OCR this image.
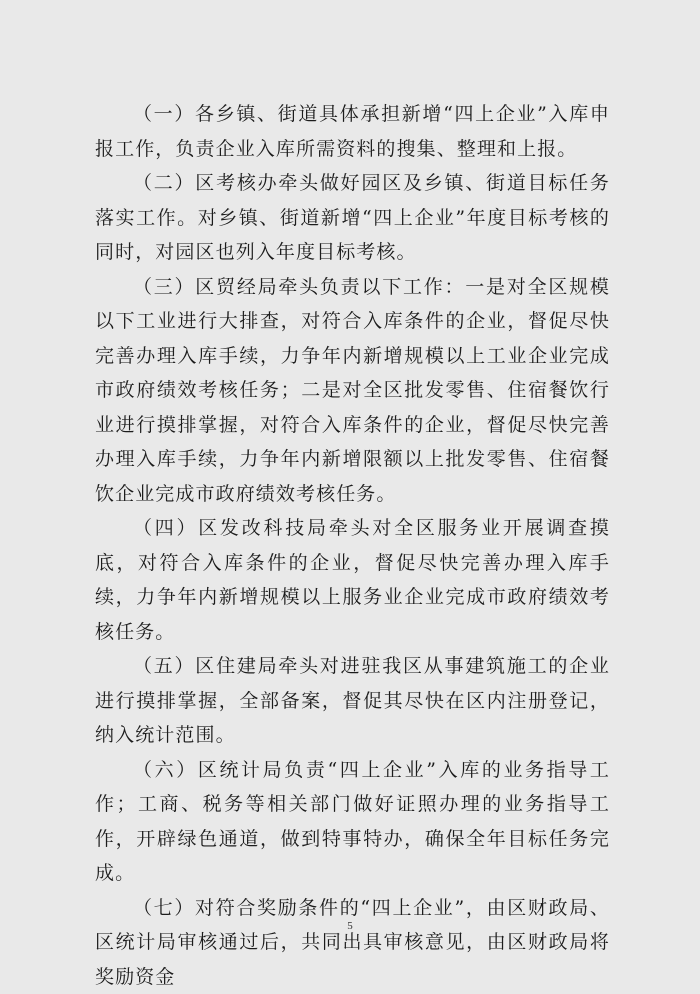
（一）各乡镇、街道具体承担新增“四上企业”入库申报工作，负责企业入库所需资料的搜集、整理和上报。

（二）区考核办牵头做好园区及乡镇、街道目标任务落实工作。对乡镇、街道新增“四上企业”年度目标考核的同时，对园区也列入年度目标考核。

（三）区贸经局牵头负责以下工作：一是对全区规模以下工业进行大排查，对符合入库条件的企业，督促尽快完善办理入库手续，力争年内新增规模以上工业企业完成市政府绩效考核任务；二是对全区批发零售、住宿餐饮行业进行摸排掌握，对符合入库条件的企业，督促尽快完善办理入库手续，力争年内新增限额以上批发零售、住宿餐饮企业完成市政府绩效考核任务。

（四）区发改科技局牵头对全区服务业开展调查摸底，对符合入库条件的企业，督促尽快完善办理入库手续，力争年内新增规模以上服务业企业完成市政府绩效考核任务。

（五）区住建局牵头对进驻我区从事建筑施工的企业进行摸排掌握，全部备案，督促其尽快在区内注册登记，纳入统计范围。

（六）区统计局负责“四上企业”入库的业务指导工作；工商、税务等相关部门做好证照办理的业务指导工作，开辟绿色通道，做到特事特办，确保全年目标任务完成。

（七）对符合奖励条件的“四上企业”，由区财政局、区统计局审核通过后，共同出具审核意见，由区财政局将奖励资金

5
